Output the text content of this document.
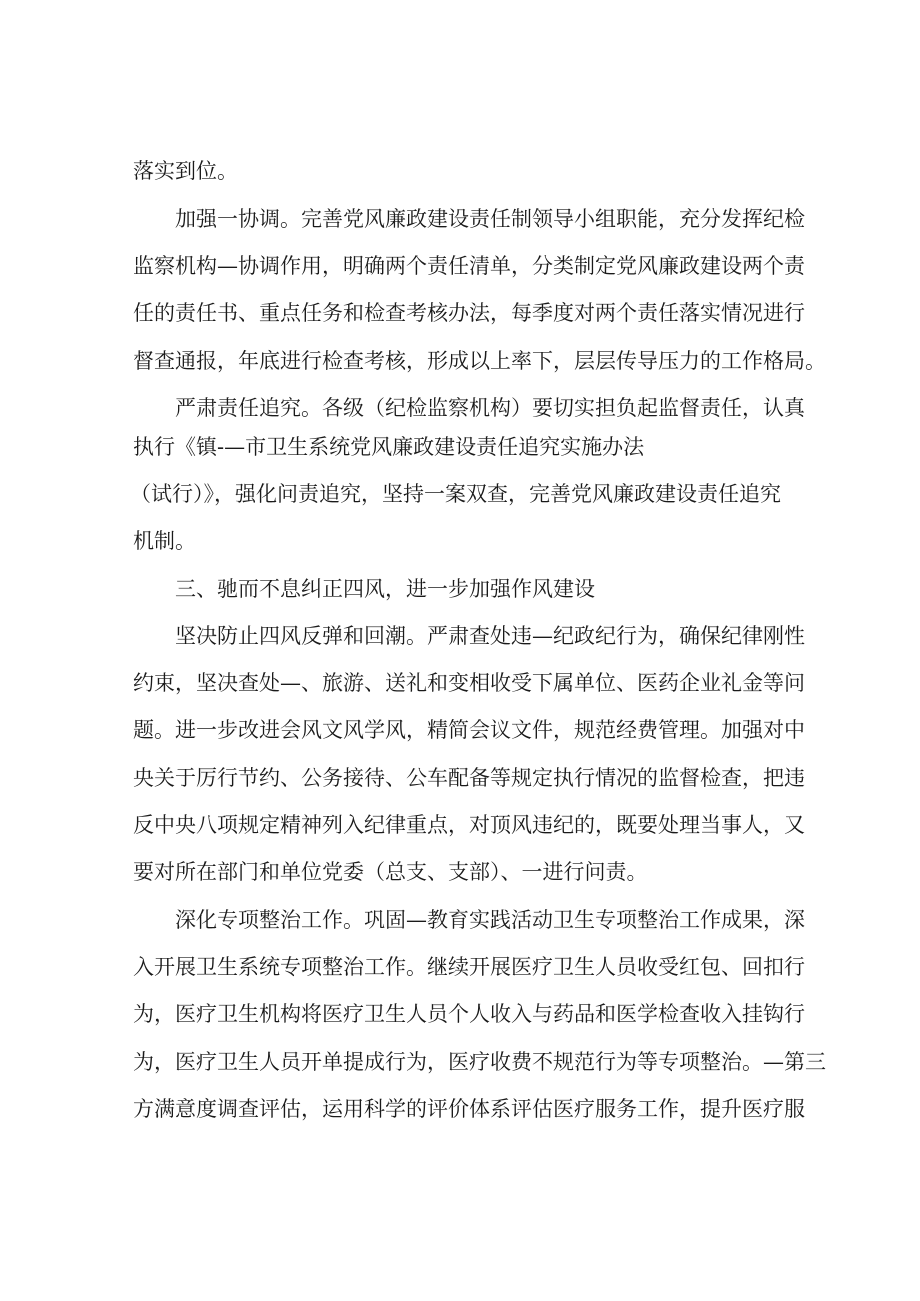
落实到位。

加强一协调。完善党风廉政建设责任制领导小组职能，充分发挥纪检

监察机构—协调作用，明确两个责任清单，分类制定党风廉政建设两个责

任的责任书、重点任务和检查考核办法，每季度对两个责任落实情况进行

督查通报，年底进行检查考核，形成以上率下，层层传导压力的工作格局。

严肃责任追究。各级（纪检监察机构）要切实担负起监督责任，认真

执行《镇-—市卫生系统党风廉政建设责任追究实施办法

（试行）》，强化问责追究，坚持一案双查，完善党风廉政建设责任追究

机制。

三、驰而不息纠正四风，进一步加强作风建设

坚决防止四风反弹和回潮。严肃查处违—纪政纪行为，确保纪律刚性

约束，坚决查处—、旅游、送礼和变相收受下属单位、医药企业礼金等问

题。进一步改进会风文风学风，精简会议文件，规范经费管理。加强对中

央关于厉行节约、公务接待、公车配备等规定执行情况的监督检查，把违

反中央八项规定精神列入纪律重点，对顶风违纪的，既要处理当事人，又

要对所在部门和单位党委（总支、支部）、一进行问责。

深化专项整治工作。巩固—教育实践活动卫生专项整治工作成果，深

入开展卫生系统专项整治工作。继续开展医疗卫生人员收受红包、回扣行

为，医疗卫生机构将医疗卫生人员个人收入与药品和医学检查收入挂钩行

为，医疗卫生人员开单提成行为，医疗收费不规范行为等专项整治。—第三

方满意度调查评估，运用科学的评价体系评估医疗服务工作，提升医疗服
